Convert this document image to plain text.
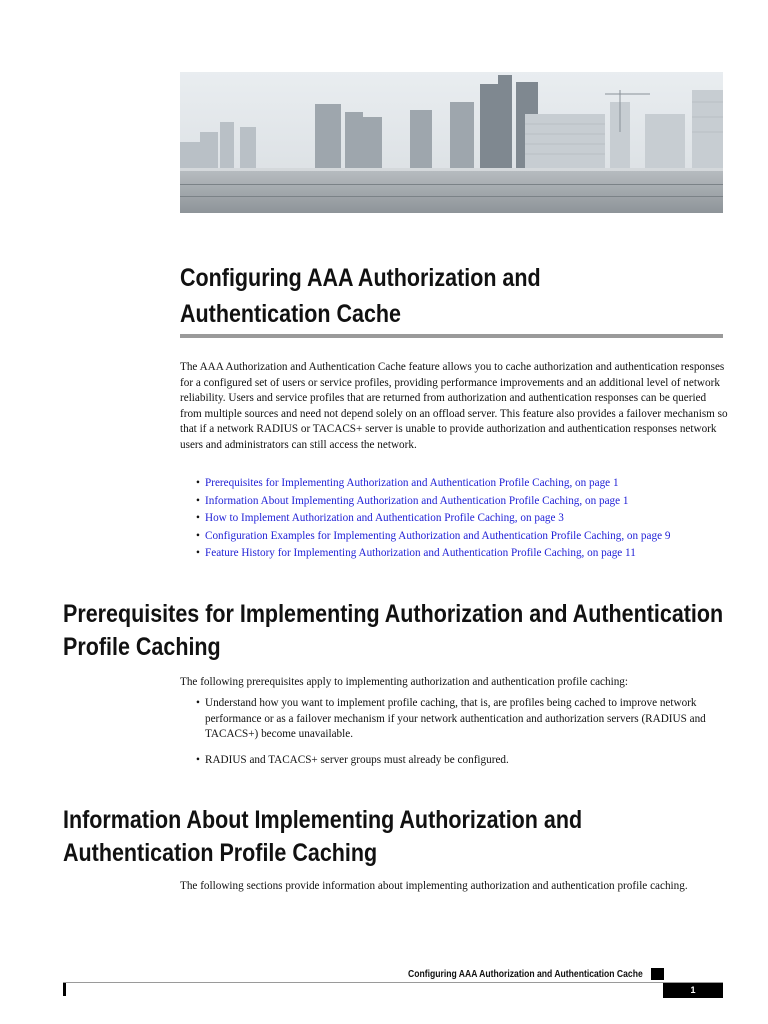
Configuring AAA Authorization and Authentication Cache

The AAA Authorization and Authentication Cache feature allows you to cache authorization and authentication responses for a configured set of users or service profiles, providing performance improvements and an additional level of network reliability. Users and service profiles that are returned from authorization and authentication responses can be queried from multiple sources and need not depend solely on an offload server. This feature also provides a failover mechanism so that if a network RADIUS or TACACS+ server is unable to provide authorization and authentication responses network users and administrators can still access the network.

• Prerequisites for Implementing Authorization and Authentication Profile Caching, on page 1
• Information About Implementing Authorization and Authentication Profile Caching, on page 1
• How to Implement Authorization and Authentication Profile Caching, on page 3
• Configuration Examples for Implementing Authorization and Authentication Profile Caching, on page 9
• Feature History for Implementing Authorization and Authentication Profile Caching, on page 11
Prerequisites for Implementing Authorization and Authentication Profile Caching

The following prerequisites apply to implementing authorization and authentication profile caching:

• Understand how you want to implement profile caching, that is, are profiles being cached to improve network performance or as a failover mechanism if your network authentication and authorization servers (RADIUS and TACACS+) become unavailable.
• RADIUS and TACACS+ server groups must already be configured.
Information About Implementing Authorization and Authentication Profile Caching

The following sections provide information about implementing authorization and authentication profile caching.

Configuring AAA Authorization and Authentication Cache
1
